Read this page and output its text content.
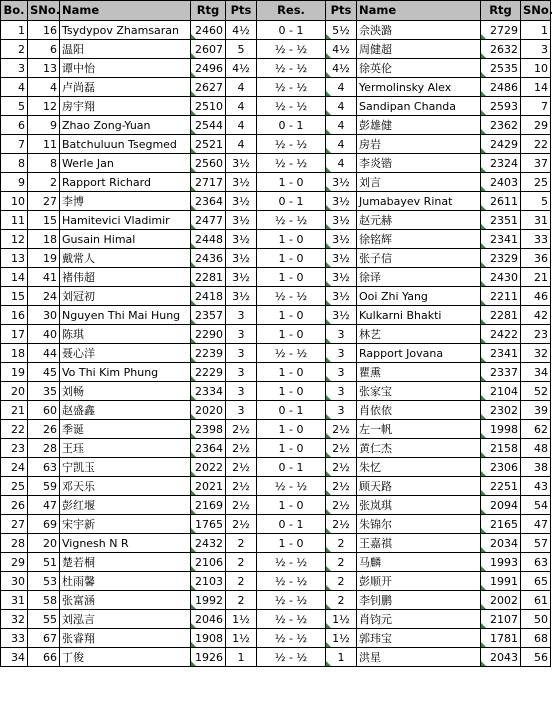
Bo.	SNo.	Name	Rtg	Pts	Res.	Pts	Name	Rtg	SNo.
1	16	Tsydypov Zhamsaran	2460	4½	0 - 1	5½	佘泱潞	2729	1
2	6	温阳	2607	5	½ - ½	4½	周健超	2632	3
3	13	谭中怡	2496	4½	½ - ½	4½	徐英伦	2535	10
4	4	卢尚磊	2627	4	½ - ½	4	Yermolinsky Alex	2486	14
5	12	房宇翔	2510	4	½ - ½	4	Sandipan Chanda	2593	7
6	9	Zhao Zong-Yuan	2544	4	0 - 1	4	彭雄健	2362	29
7	11	Batchuluun Tsegmed	2521	4	½ - ½	4	房岩	2429	22
8	8	Werle Jan	2560	3½	½ - ½	4	李炎锴	2324	37
9	2	Rapport Richard	2717	3½	1 - 0	3½	刘言	2403	25
10	27	李博	2364	3½	0 - 1	3½	Jumabayev Rinat	2611	5
11	15	Hamitevici Vladimir	2477	3½	½ - ½	3½	赵元赫	2351	31
12	18	Gusain Himal	2448	3½	1 - 0	3½	徐铭辉	2341	33
13	19	戴常人	2436	3½	1 - 0	3½	张子信	2329	36
14	41	褚伟超	2281	3½	1 - 0	3½	徐译	2430	21
15	24	刘冠初	2418	3½	½ - ½	3½	Ooi Zhi Yang	2211	46
16	30	Nguyen Thi Mai Hung	2357	3	1 - 0	3½	Kulkarni Bhakti	2281	42
17	40	陈琪	2290	3	1 - 0	3	林艺	2422	23
18	44	聂心洋	2239	3	½ - ½	3	Rapport Jovana	2341	32
19	45	Vo Thi Kim Phung	2229	3	1 - 0	3	瞿熏	2337	34
20	35	刘畅	2334	3	1 - 0	3	张家宝	2104	52
21	60	赵盛鑫	2020	3	0 - 1	3	肖依依	2302	39
22	26	季诞	2398	2½	1 - 0	2½	左一帆	1998	62
23	28	王珏	2364	2½	1 - 0	2½	黄仁杰	2158	48
24	63	宁凯玉	2022	2½	0 - 1	2½	朱忆	2306	38
25	59	邓天乐	2021	2½	½ - ½	2½	顾天路	2251	43
26	47	彭红堰	2169	2½	1 - 0	2½	张岚琪	2094	54
27	69	宋宇新	1765	2½	0 - 1	2½	朱锦尔	2165	47
28	20	Vignesh N R	2432	2	1 - 0	2	王嘉祺	2034	57
29	51	楚若桐	2106	2	½ - ½	2	马麟	1993	63
30	53	杜雨馨	2103	2	½ - ½	2	彭顺开	1991	65
31	58	张富涵	1992	2	½ - ½	2	李钊鹏	2002	61
32	55	刘泓言	2046	1½	½ - ½	1½	肖钧元	2107	50
33	67	张睿翔	1908	1½	½ - ½	1½	郭玮宝	1781	68
34	66	丁俊	1926	1	½ - ½	1	洪星	2043	56
